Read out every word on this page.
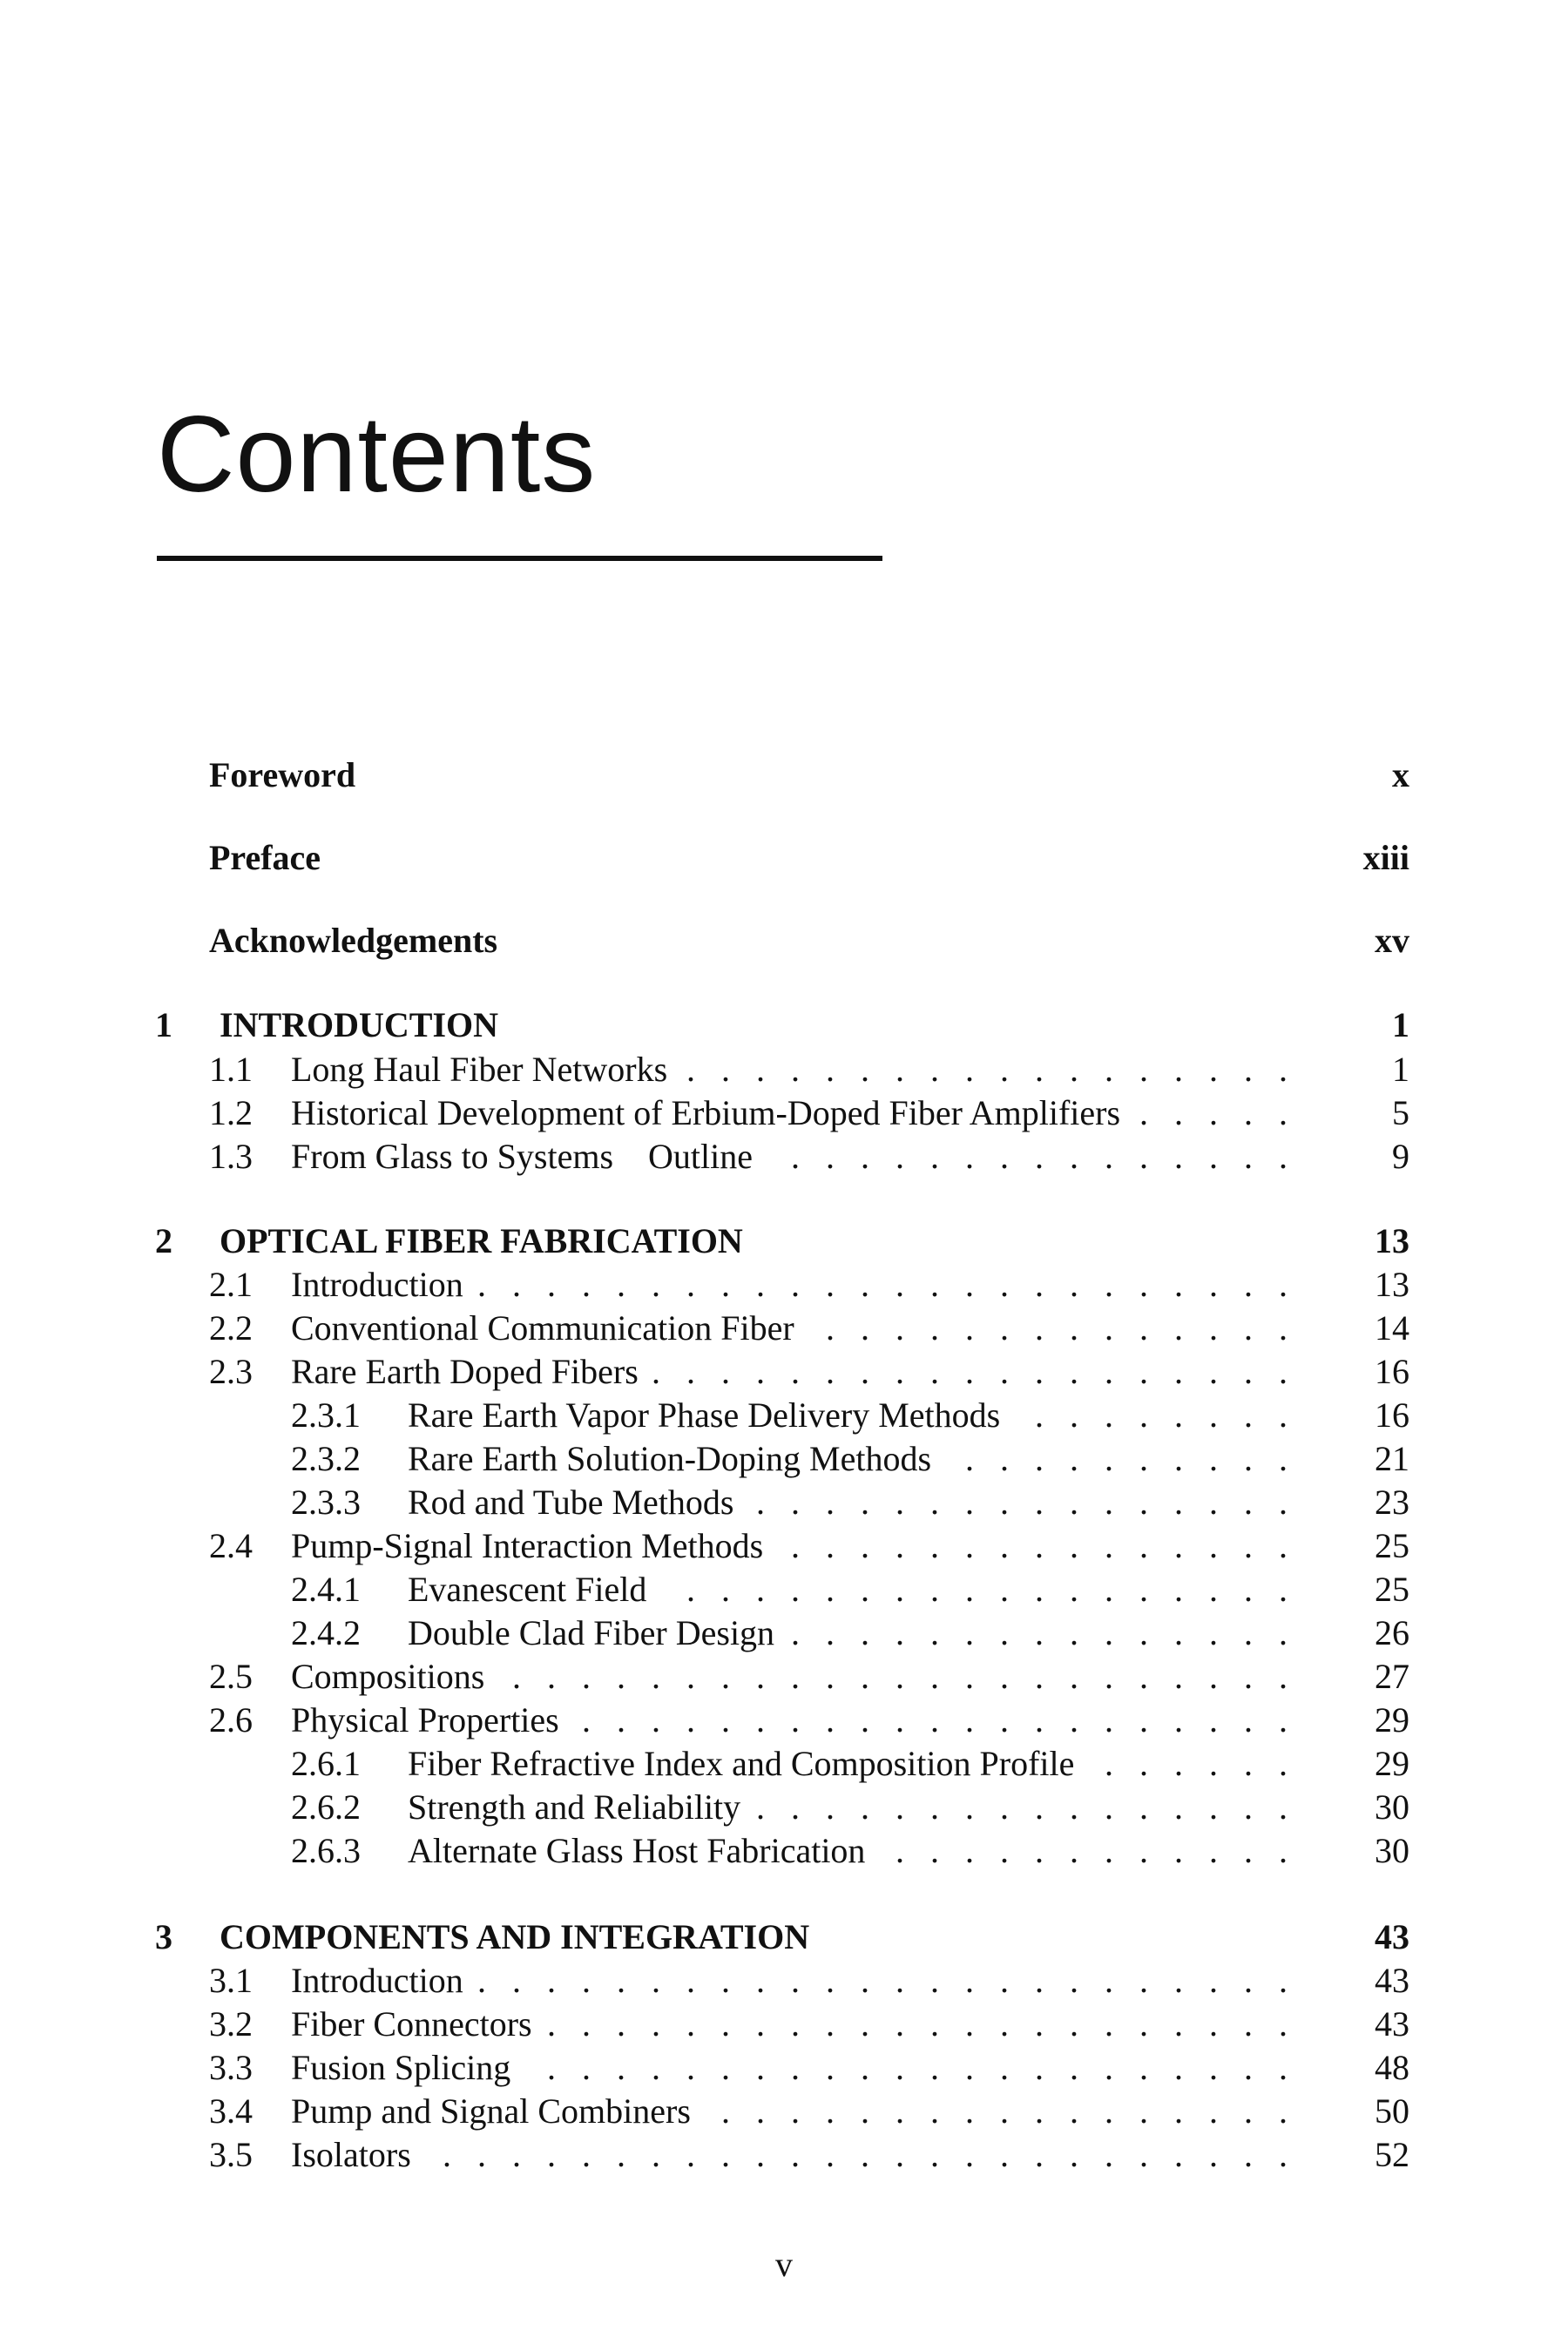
Contents
Foreword	x
Preface	xiii
Acknowledgements	xv
1 INTRODUCTION	1
1.1 Long Haul Fiber Networks . . .	1
1.2 Historical Development of Erbium-Doped Fiber Amplifiers . . .	5
1.3 From Glass to Systems    Outline . . .	9
2 OPTICAL FIBER FABRICATION	13
2.1 Introduction . . .	13
2.2 Conventional Communication Fiber . . .	14
2.3 Rare Earth Doped Fibers . . .	16
2.3.1 Rare Earth Vapor Phase Delivery Methods . . .	16
2.3.2 Rare Earth Solution-Doping Methods . . .	21
2.3.3 Rod and Tube Methods . . .	23
2.4 Pump-Signal Interaction Methods . . .	25
2.4.1 Evanescent Field . . .	25
2.4.2 Double Clad Fiber Design . . .	26
2.5 Compositions . . .	27
2.6 Physical Properties . . .	29
2.6.1 Fiber Refractive Index and Composition Profile . . .	29
2.6.2 Strength and Reliability . . .	30
2.6.3 Alternate Glass Host Fabrication . . .	30
3 COMPONENTS AND INTEGRATION	43
3.1 Introduction . . .	43
3.2 Fiber Connectors . . .	43
3.3 Fusion Splicing . . .	48
3.4 Pump and Signal Combiners . . .	50
3.5 Isolators . . .	52
v
